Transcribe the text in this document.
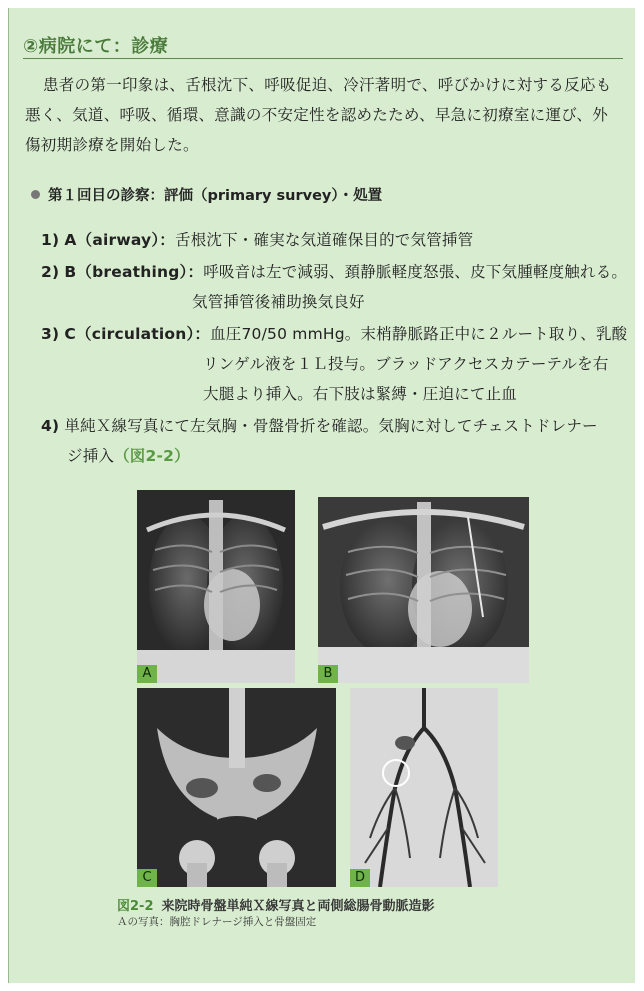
②病院にて：診療
患者の第一印象は、舌根沈下、呼吸促迫、冷汗著明で、呼びかけに対する反応も悪く、気道、呼吸、循環、意識の不安定性を認めたため、早急に初療室に運び、外傷初期診療を開始した。
第１回目の診察：評価（primary survey）・処置
1) A（airway）：舌根沈下・確実な気道確保目的で気管挿管
2) B（breathing）：呼吸音は左で減弱、頚静脈軽度怒張、皮下気腫軽度触れる。
気管挿管後補助換気良好
3) C（circulation）：血圧70/50 mmHg。末梢静脈路正中に２ルート取り、乳酸
リンゲル液を１Ｌ投与。ブラッドアクセスカテーテルを右
大腿より挿入。右下肢は緊縛・圧迫にて止血
4) 単純Ｘ線写真にて左気胸・骨盤骨折を確認。気胸に対してチェストドレナー
ジ挿入（図2-2）
A	B
C	D
図2-2 来院時骨盤単純Ｘ線写真と両側総腸骨動脈造影
Ａの写真：胸腔ドレナージ挿入と骨盤固定
